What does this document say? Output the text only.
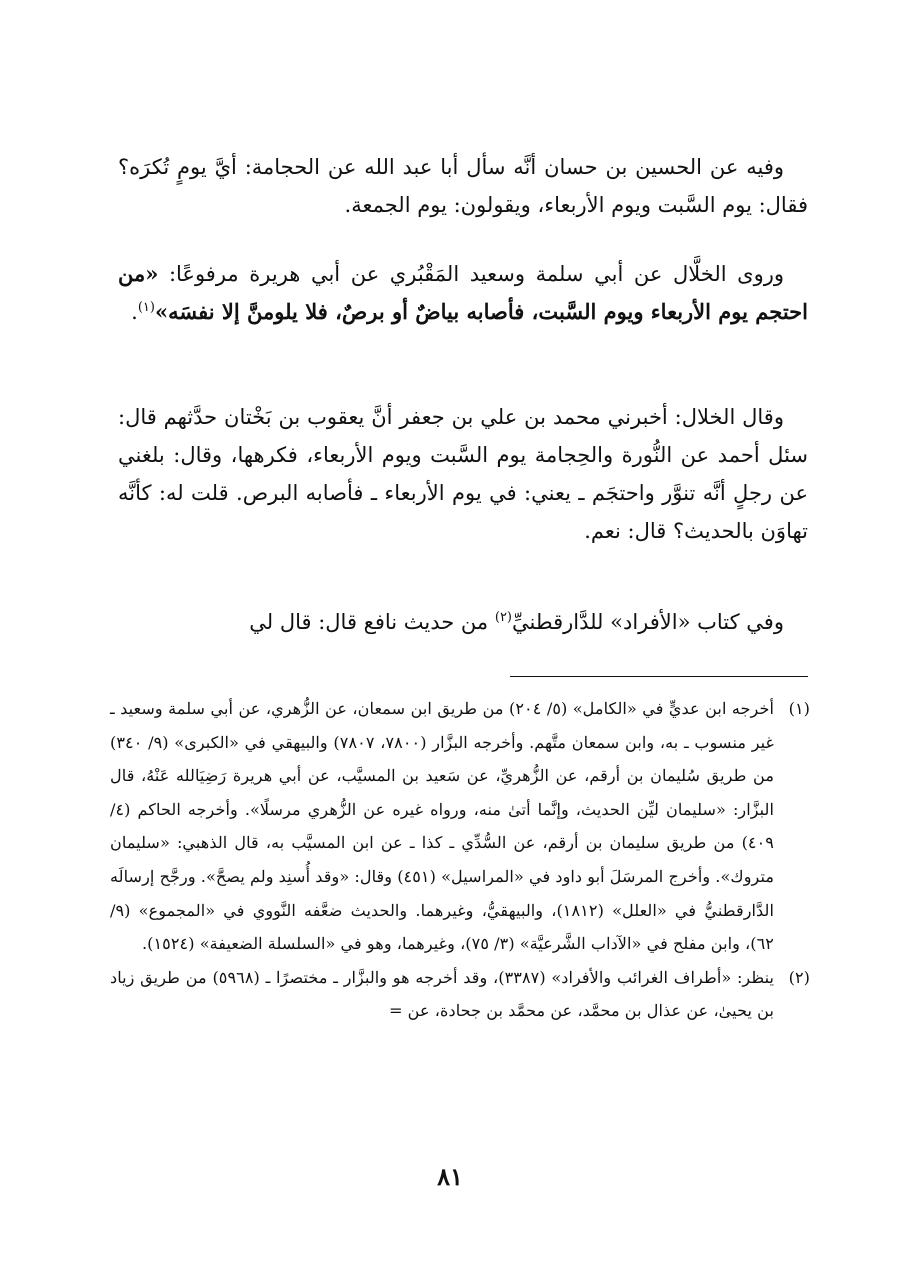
وفيه عن الحسين بن حسان أنَّه سأل أبا عبد الله عن الحجامة: أيَّ يومٍ تُكرَه؟ فقال: يوم السَّبت ويوم الأربعاء، ويقولون: يوم الجمعة.

وروى الخلَّال عن أبي سلمة وسعيد المَقْبُري عن أبي هريرة مرفوعًا: «من احتجم يوم الأربعاء ويوم السَّبت، فأصابه بياضٌ أو برصٌ، فلا يلومنَّ إلا نفسَه»$^{(١)}$.

وقال الخلال: أخبرني محمد بن علي بن جعفر أنَّ يعقوب بن بَخْتان حدَّثهم قال: سئل أحمد عن النُّورة والحِجامة يوم السَّبت ويوم الأربعاء، فكرهها، وقال: بلغني عن رجلٍ أنَّه تنوَّر واحتجَم ـ يعني: في يوم الأربعاء ـ فأصابه البرص. قلت له: كأنَّه تهاوَن بالحديث؟ قال: نعم.

وفي كتاب «الأفراد» للدَّارقطنيِّ$^{(٢)}$ من حديث نافع قال: قال لي

(١)
أخرجه ابن عديٍّ في «الكامل» (٥/ ٢٠٤) من طريق ابن سمعان، عن الزُّهري، عن أبي سلمة وسعيد ـ غير منسوب ـ به، وابن سمعان متَّهم. وأخرجه البزَّار (٧٨٠٠، ٧٨٠٧) والبيهقي في «الكبرى» (٩/ ٣٤٠) من طريق سُليمان بن أرقم، عن الزُّهريِّ، عن سَعيد بن المسيَّب، عن أبي هريرة رَضِيَالله عَنْهُ، قال البزَّار: «سليمان ليِّن الحديث، وإنَّما أتىٰ منه، ورواه غيره عن الزُّهري مرسلًا». وأخرجه الحاكم (٤/ ٤٠٩) من طريق سليمان بن أرقم، عن السُّدِّي ـ كذا ـ عن ابن المسيَّب به، قال الذهبي: «سليمان متروك». وأخرج المرسَلَ أبو داود في «المراسيل» (٤٥١) وقال: «وقد أُسنِد ولم يصحَّ». ورجَّح إرسالَه الدَّارقطنيُّ في «العلل» (١٨١٢)، والبيهقيُّ، وغيرهما. والحديث ضعَّفه النَّووي في «المجموع» (٩/ ٦٢)، وابن مفلح في «الآداب الشَّرعيَّة» (٣/ ٧٥)، وغيرهما، وهو في «السلسلة الضعيفة» (١٥٢٤).
(٢)
ينظر: «أطراف الغرائب والأفراد» (٣٣٨٧)، وقد أخرجه هو والبزَّار ـ مختصرًا ـ (٥٩٦٨) من طريق زياد بن يحيىٰ، عن عذال بن محمَّد، عن محمَّد بن جحادة، عن =
٨١
